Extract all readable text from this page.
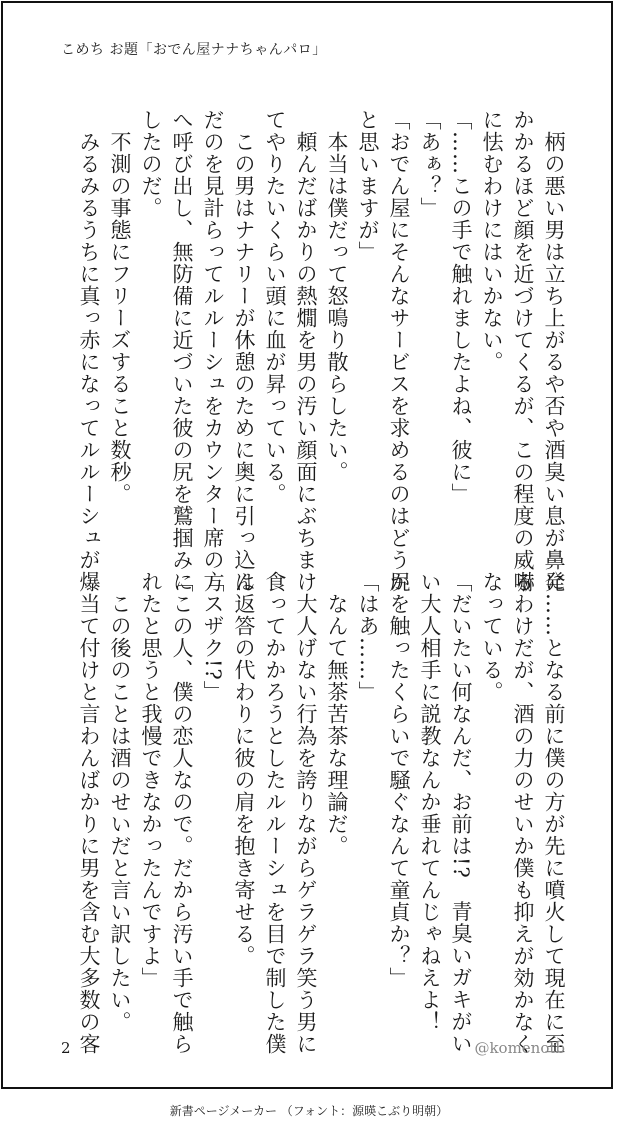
こめち お題「おでん屋ナナちゃんパロ」
　柄の悪い男は立ち上がるや否や酒臭い息が鼻に
かかるほど顔を近づけてくるが、この程度の威嚇
に怯むわけにはいかない。
「……この手で触れましたよね、彼に」
「あぁ？」
「おでん屋にそんなサービスを求めるのはどうか
と思いますが」
　本当は僕だって怒鳴り散らしたい。
　頼んだばかりの熱燗を男の汚い顔面にぶちまけ
てやりたいくらい頭に血が昇っている。
　この男はナナリーが休憩のために奥に引っ込ん
だのを見計らってルルーシュをカウンター席の方
へ呼び出し、無防備に近づいた彼の尻を鷲掴みに
したのだ。
　不測の事態にフリーズすること数秒。
　みるみるうちに真っ赤になってルルーシュが爆
発……となる前に僕の方が先に噴火して現在に至
るわけだが、酒の力のせいか僕も抑えが効かなく
なっている。
「だいたい何なんだ、お前は!?　青臭いガキがい
い大人相手に説教なんか垂れてんじゃねえよ！
尻を触ったくらいで騒ぐなんて童貞か？」
「はあ……」
　なんて無茶苦茶な理論だ。
　大人げない行為を誇りながらゲラゲラ笑う男に
食ってかかろうとしたルルーシュを目で制した僕
は返答の代わりに彼の肩を抱き寄せる。
「スザク!?」
「この人、僕の恋人なので。だから汚い手で触ら
れたと思うと我慢できなかったんですよ」
　この後のことは酒のせいだと言い訳したい。
　当て付けと言わんばかりに男を含む大多数の客
2	@komenotb
新書ページメーカー （フォント：源暎こぶり明朝）
